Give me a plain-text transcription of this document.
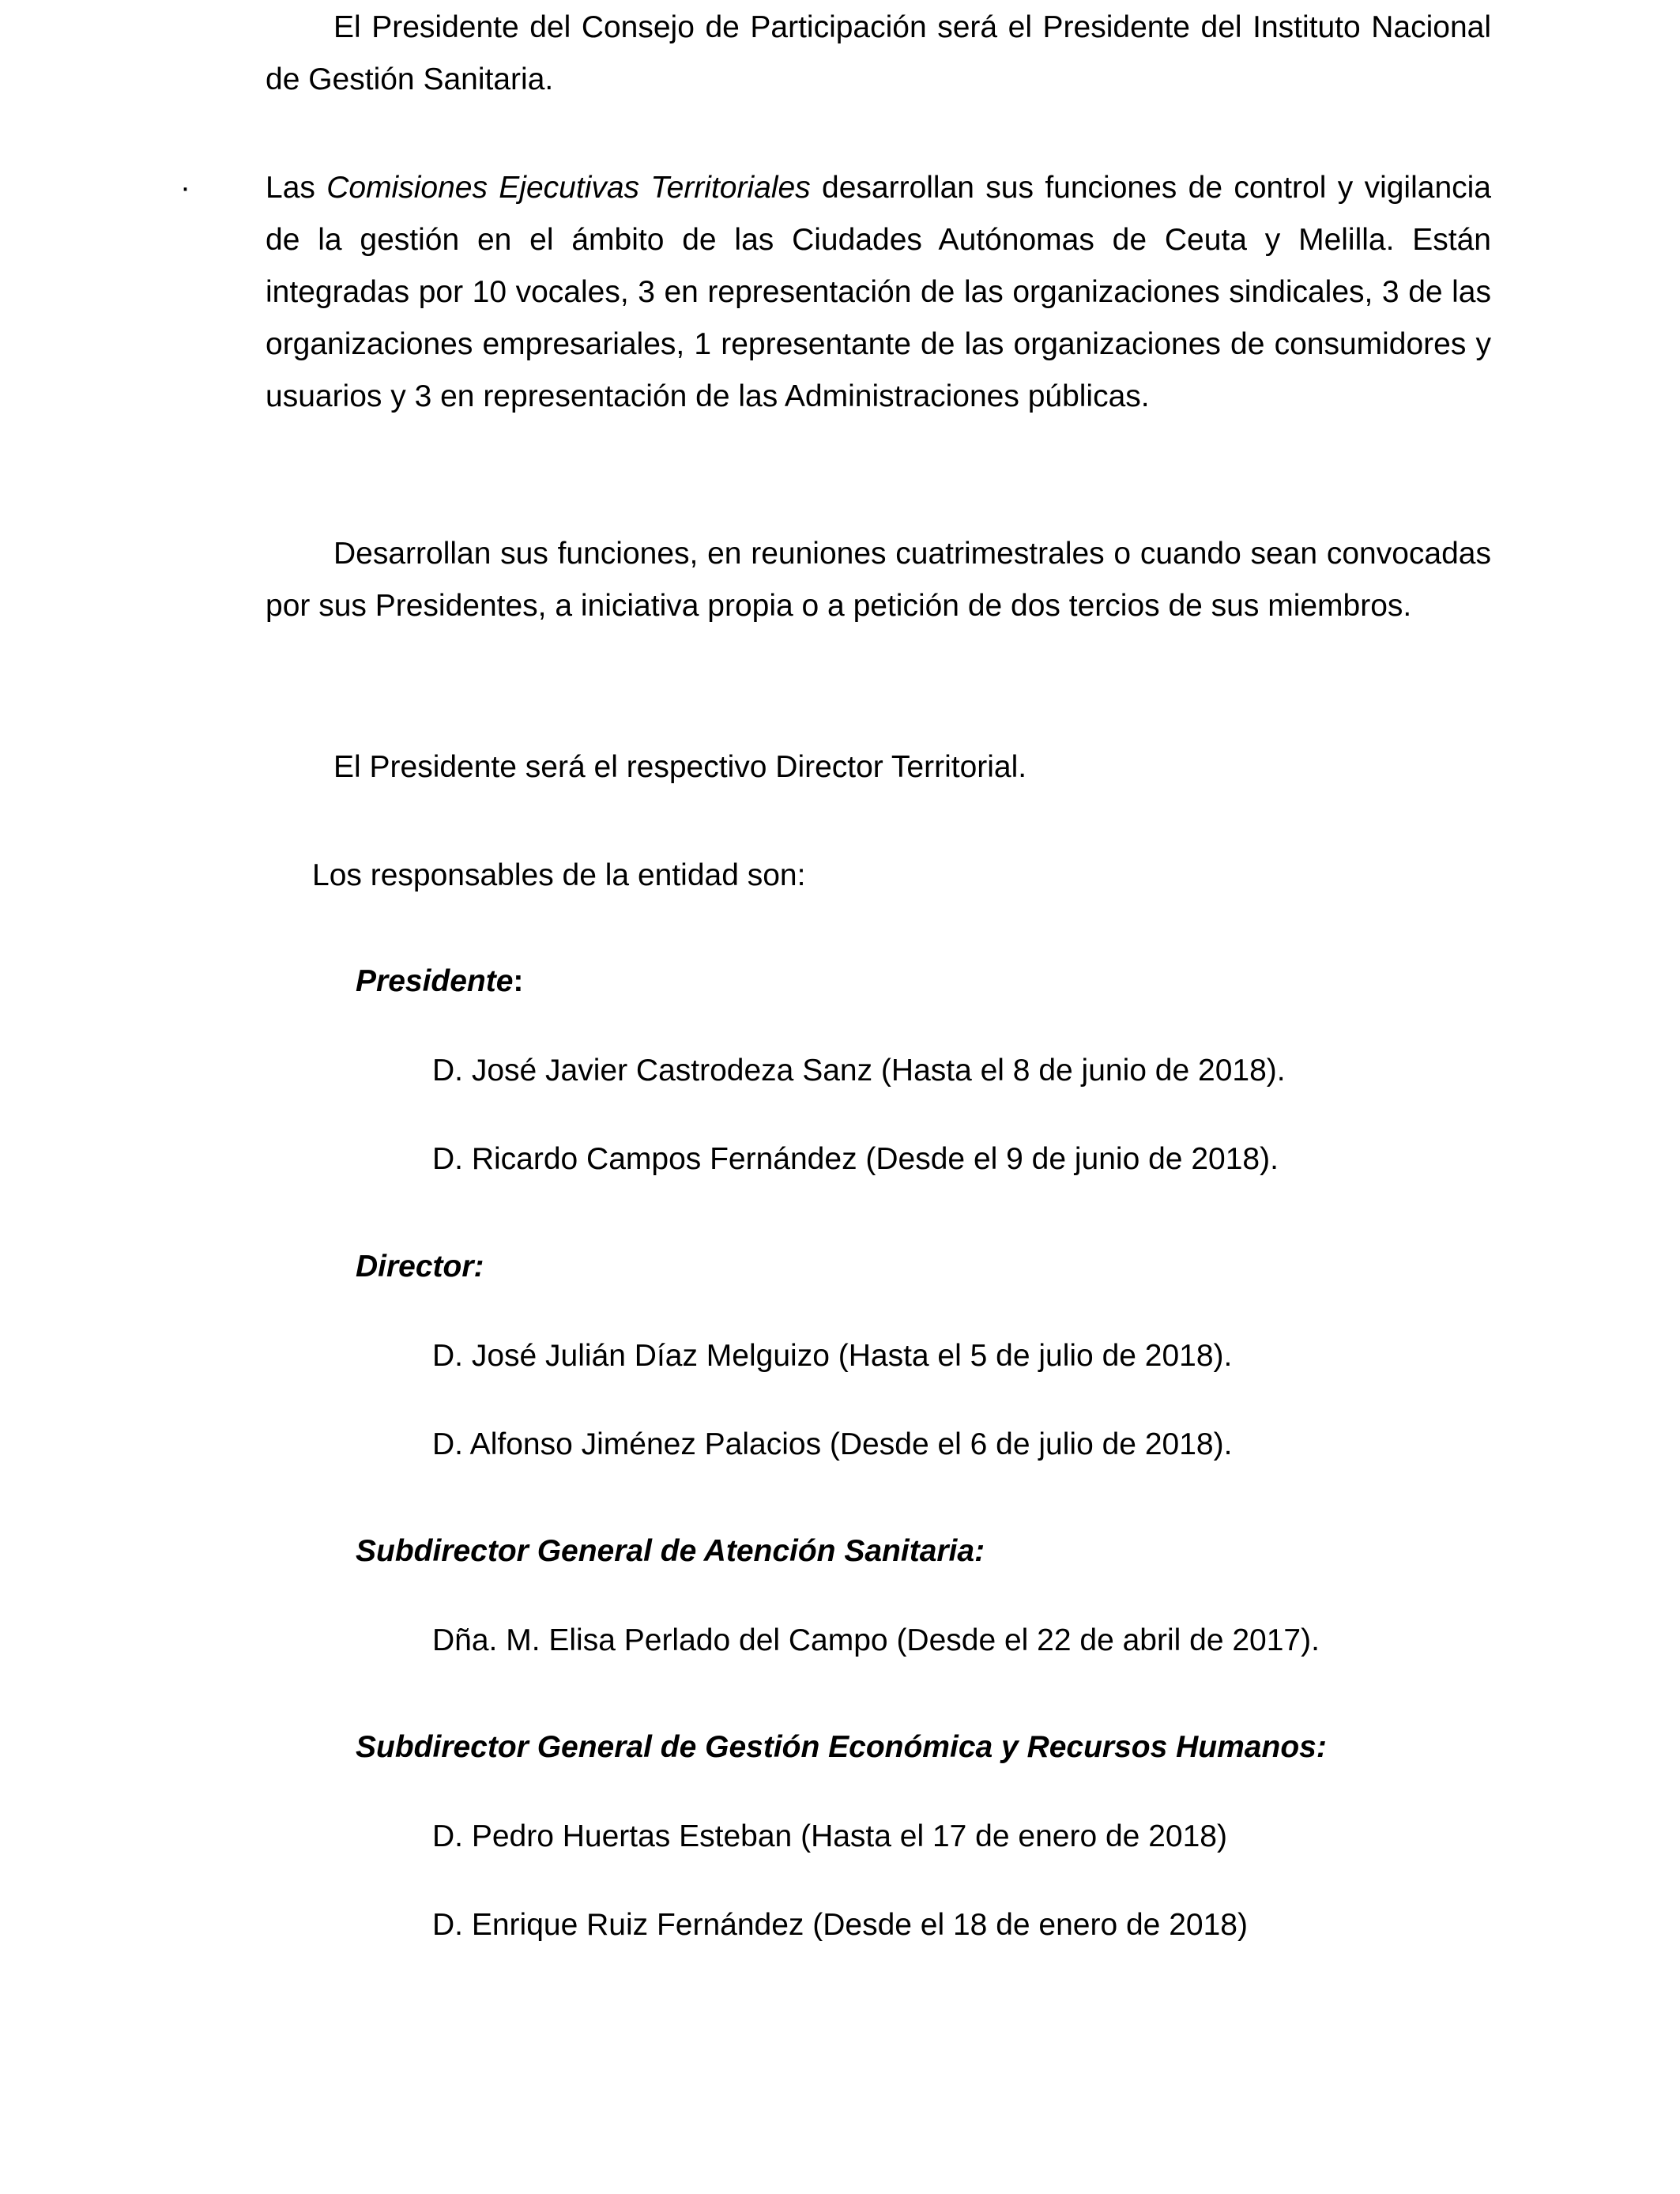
El Presidente del Consejo de Participación será el Presidente del Instituto Nacional de Gestión Sanitaria.

· Las Comisiones Ejecutivas Territoriales desarrollan sus funciones de control y vigilancia de la gestión en el ámbito de las Ciudades Autónomas de Ceuta y Melilla. Están integradas por 10 vocales, 3 en representación de las organizaciones sindicales, 3 de las organizaciones empresariales, 1 representante de las organizaciones de consumidores y usuarios y 3 en representación de las Administraciones públicas.

Desarrollan sus funciones, en reuniones cuatrimestrales o cuando sean convocadas por sus Presidentes, a iniciativa propia o a petición de dos tercios de sus miembros.

El Presidente será el respectivo Director Territorial.

Los responsables de la entidad son:

Presidente:

D. José Javier Castrodeza Sanz (Hasta el 8 de junio de 2018).

D. Ricardo Campos Fernández (Desde el 9 de junio de 2018).

Director:

D. José Julián Díaz Melguizo (Hasta el 5 de julio de 2018).

D. Alfonso Jiménez Palacios (Desde el 6 de julio de 2018).

Subdirector General de Atención Sanitaria:

Dña. M. Elisa Perlado del Campo (Desde el 22 de abril de 2017).

Subdirector General de Gestión Económica y Recursos Humanos:

D. Pedro Huertas Esteban (Hasta el 17 de enero de 2018)

D. Enrique Ruiz Fernández (Desde el 18 de enero de 2018)
